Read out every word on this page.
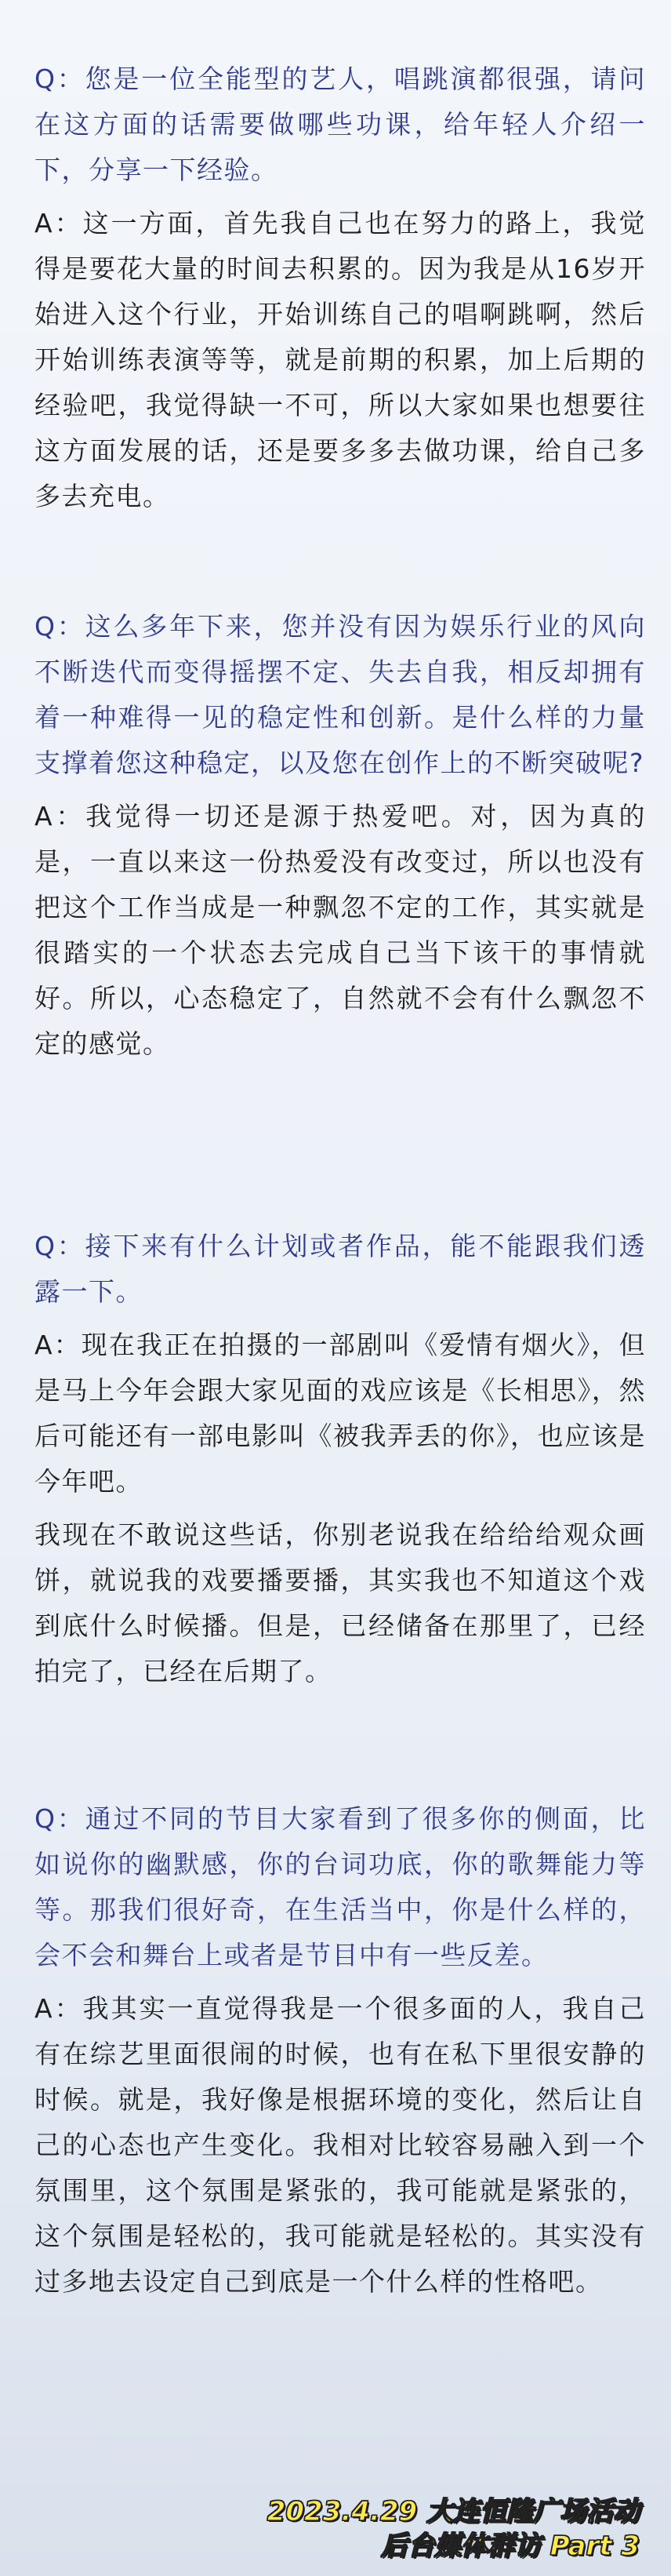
Q：您是一位全能型的艺人，唱跳演都很强，请问在这方面的话需要做哪些功课，给年轻人介绍一下，分享一下经验。

A：这一方面，首先我自己也在努力的路上，我觉得是要花大量的时间去积累的。因为我是从16岁开始进入这个行业，开始训练自己的唱啊跳啊，然后开始训练表演等等，就是前期的积累，加上后期的经验吧，我觉得缺一不可，所以大家如果也想要往这方面发展的话，还是要多多去做功课，给自己多多去充电。

Q：这么多年下来，您并没有因为娱乐行业的风向不断迭代而变得摇摆不定、失去自我，相反却拥有着一种难得一见的稳定性和创新。是什么样的力量支撑着您这种稳定，以及您在创作上的不断突破呢?

A：我觉得一切还是源于热爱吧。对，因为真的是，一直以来这一份热爱没有改变过，所以也没有把这个工作当成是一种飘忽不定的工作，其实就是很踏实的一个状态去完成自己当下该干的事情就好。所以，心态稳定了，自然就不会有什么飘忽不定的感觉。

Q：接下来有什么计划或者作品，能不能跟我们透露一下。

A：现在我正在拍摄的一部剧叫《爱情有烟火》，但是马上今年会跟大家见面的戏应该是《长相思》，然后可能还有一部电影叫《被我弄丢的你》，也应该是今年吧。

我现在不敢说这些话，你别老说我在给给给观众画饼，就说我的戏要播要播，其实我也不知道这个戏到底什么时候播。但是，已经储备在那里了，已经拍完了，已经在后期了。

Q：通过不同的节目大家看到了很多你的侧面，比如说你的幽默感，你的台词功底，你的歌舞能力等等。那我们很好奇，在生活当中，你是什么样的，会不会和舞台上或者是节目中有一些反差。

A：我其实一直觉得我是一个很多面的人，我自己有在综艺里面很闹的时候，也有在私下里很安静的时候。就是，我好像是根据环境的变化，然后让自己的心态也产生变化。我相对比较容易融入到一个氛围里，这个氛围是紧张的，我可能就是紧张的，这个氛围是轻松的，我可能就是轻松的。其实没有过多地去设定自己到底是一个什么样的性格吧。

2023.4.29 大连恒隆广场活动
后台媒体群访 Part 3
